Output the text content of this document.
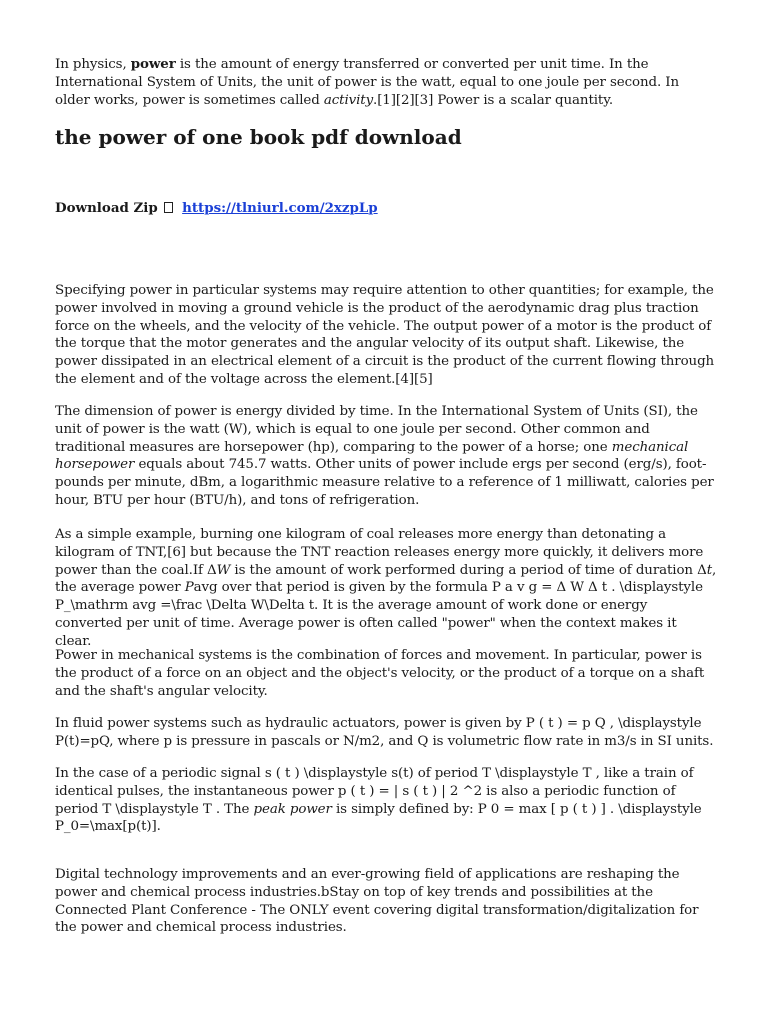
In physics, power is the amount of energy transferred or converted per unit time. In the International System of Units, the unit of power is the watt, equal to one joule per second. In older works, power is sometimes called activity.[1][2][3] Power is a scalar quantity.

the power of one book pdf download
Download Zip https://tlniurl.com/2xzpLp

Specifying power in particular systems may require attention to other quantities; for example, the power involved in moving a ground vehicle is the product of the aerodynamic drag plus traction force on the wheels, and the velocity of the vehicle. The output power of a motor is the product of the torque that the motor generates and the angular velocity of its output shaft. Likewise, the power dissipated in an electrical element of a circuit is the product of the current flowing through the element and of the voltage across the element.[4][5]

The dimension of power is energy divided by time. In the International System of Units (SI), the unit of power is the watt (W), which is equal to one joule per second. Other common and traditional measures are horsepower (hp), comparing to the power of a horse; one mechanical horsepower equals about 745.7 watts. Other units of power include ergs per second (erg/s), foot-pounds per minute, dBm, a logarithmic measure relative to a reference of 1 milliwatt, calories per hour, BTU per hour (BTU/h), and tons of refrigeration.

As a simple example, burning one kilogram of coal releases more energy than detonating a kilogram of TNT,[6] but because the TNT reaction releases energy more quickly, it delivers more power than the coal.If ΔW is the amount of work performed during a period of time of duration Δt, the average power Pavg over that period is given by the formula P a v g = Δ W Δ t . \displaystyle P_\mathrm avg =\frac \Delta W\Delta t. It is the average amount of work done or energy converted per unit of time. Average power is often called "power" when the context makes it clear.

Power in mechanical systems is the combination of forces and movement. In particular, power is the product of a force on an object and the object's velocity, or the product of a torque on a shaft and the shaft's angular velocity.

In fluid power systems such as hydraulic actuators, power is given by P ( t ) = p Q , \displaystyle P(t)=pQ, where p is pressure in pascals or N/m2, and Q is volumetric flow rate in m3/s in SI units.

In the case of a periodic signal s ( t ) \displaystyle s(t) of period T \displaystyle T , like a train of identical pulses, the instantaneous power p ( t ) = | s ( t ) | 2 ^2 is also a periodic function of period T \displaystyle T . The peak power is simply defined by: P 0 = max [ p ( t ) ] . \displaystyle P_0=\max[p(t)].

Digital technology improvements and an ever-growing field of applications are reshaping the power and chemical process industries.bStay on top of key trends and possibilities at the Connected Plant Conference - The ONLY event covering digital transformation/digitalization for the power and chemical process industries.
